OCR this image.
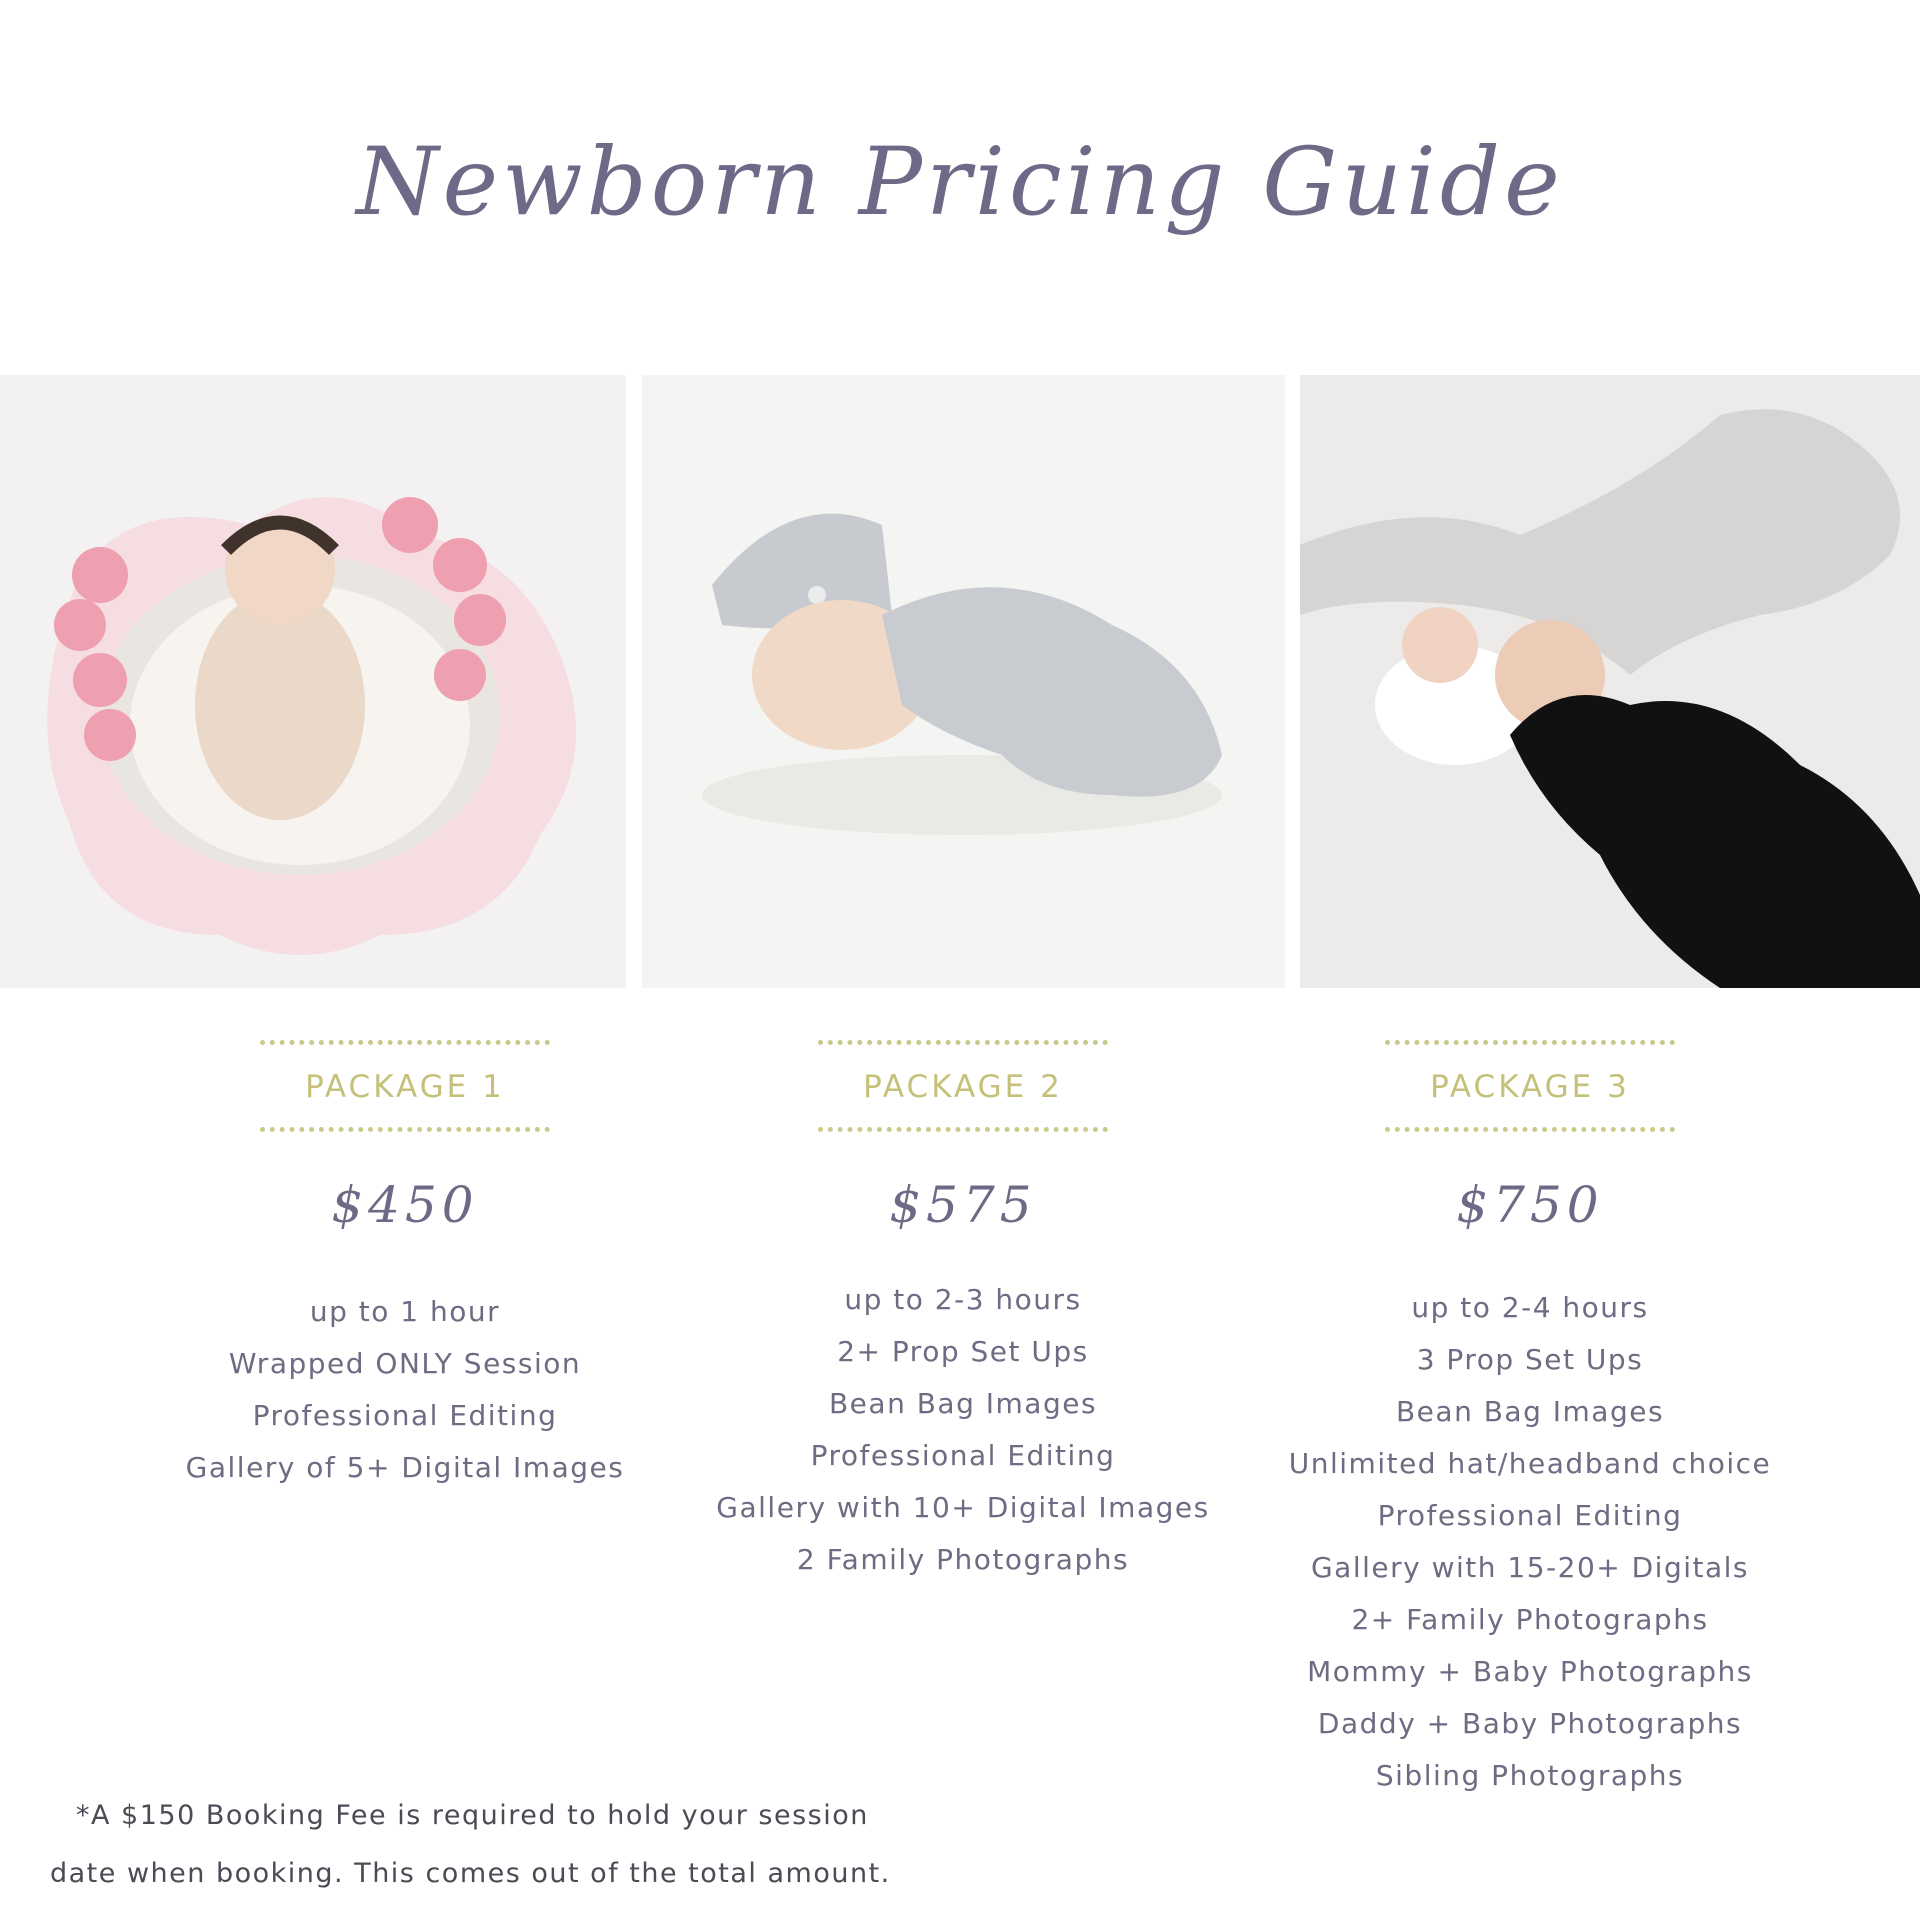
Newborn Pricing Guide
PACKAGE 1
$450
up to 1 hour
Wrapped ONLY Session
Professional Editing
Gallery of 5+ Digital Images
PACKAGE 2
$575
up to 2-3 hours
2+ Prop Set Ups
Bean Bag Images
Professional Editing
Gallery with 10+ Digital Images
2 Family Photographs
PACKAGE 3
$750
up to 2-4 hours
3 Prop Set Ups
Bean Bag Images
Unlimited hat/headband choice
Professional Editing
Gallery with 15-20+ Digitals
2+ Family Photographs
Mommy + Baby Photographs
Daddy + Baby Photographs
Sibling Photographs
*A $150 Booking Fee is required to hold your session
date when booking. This comes out of the total amount.
